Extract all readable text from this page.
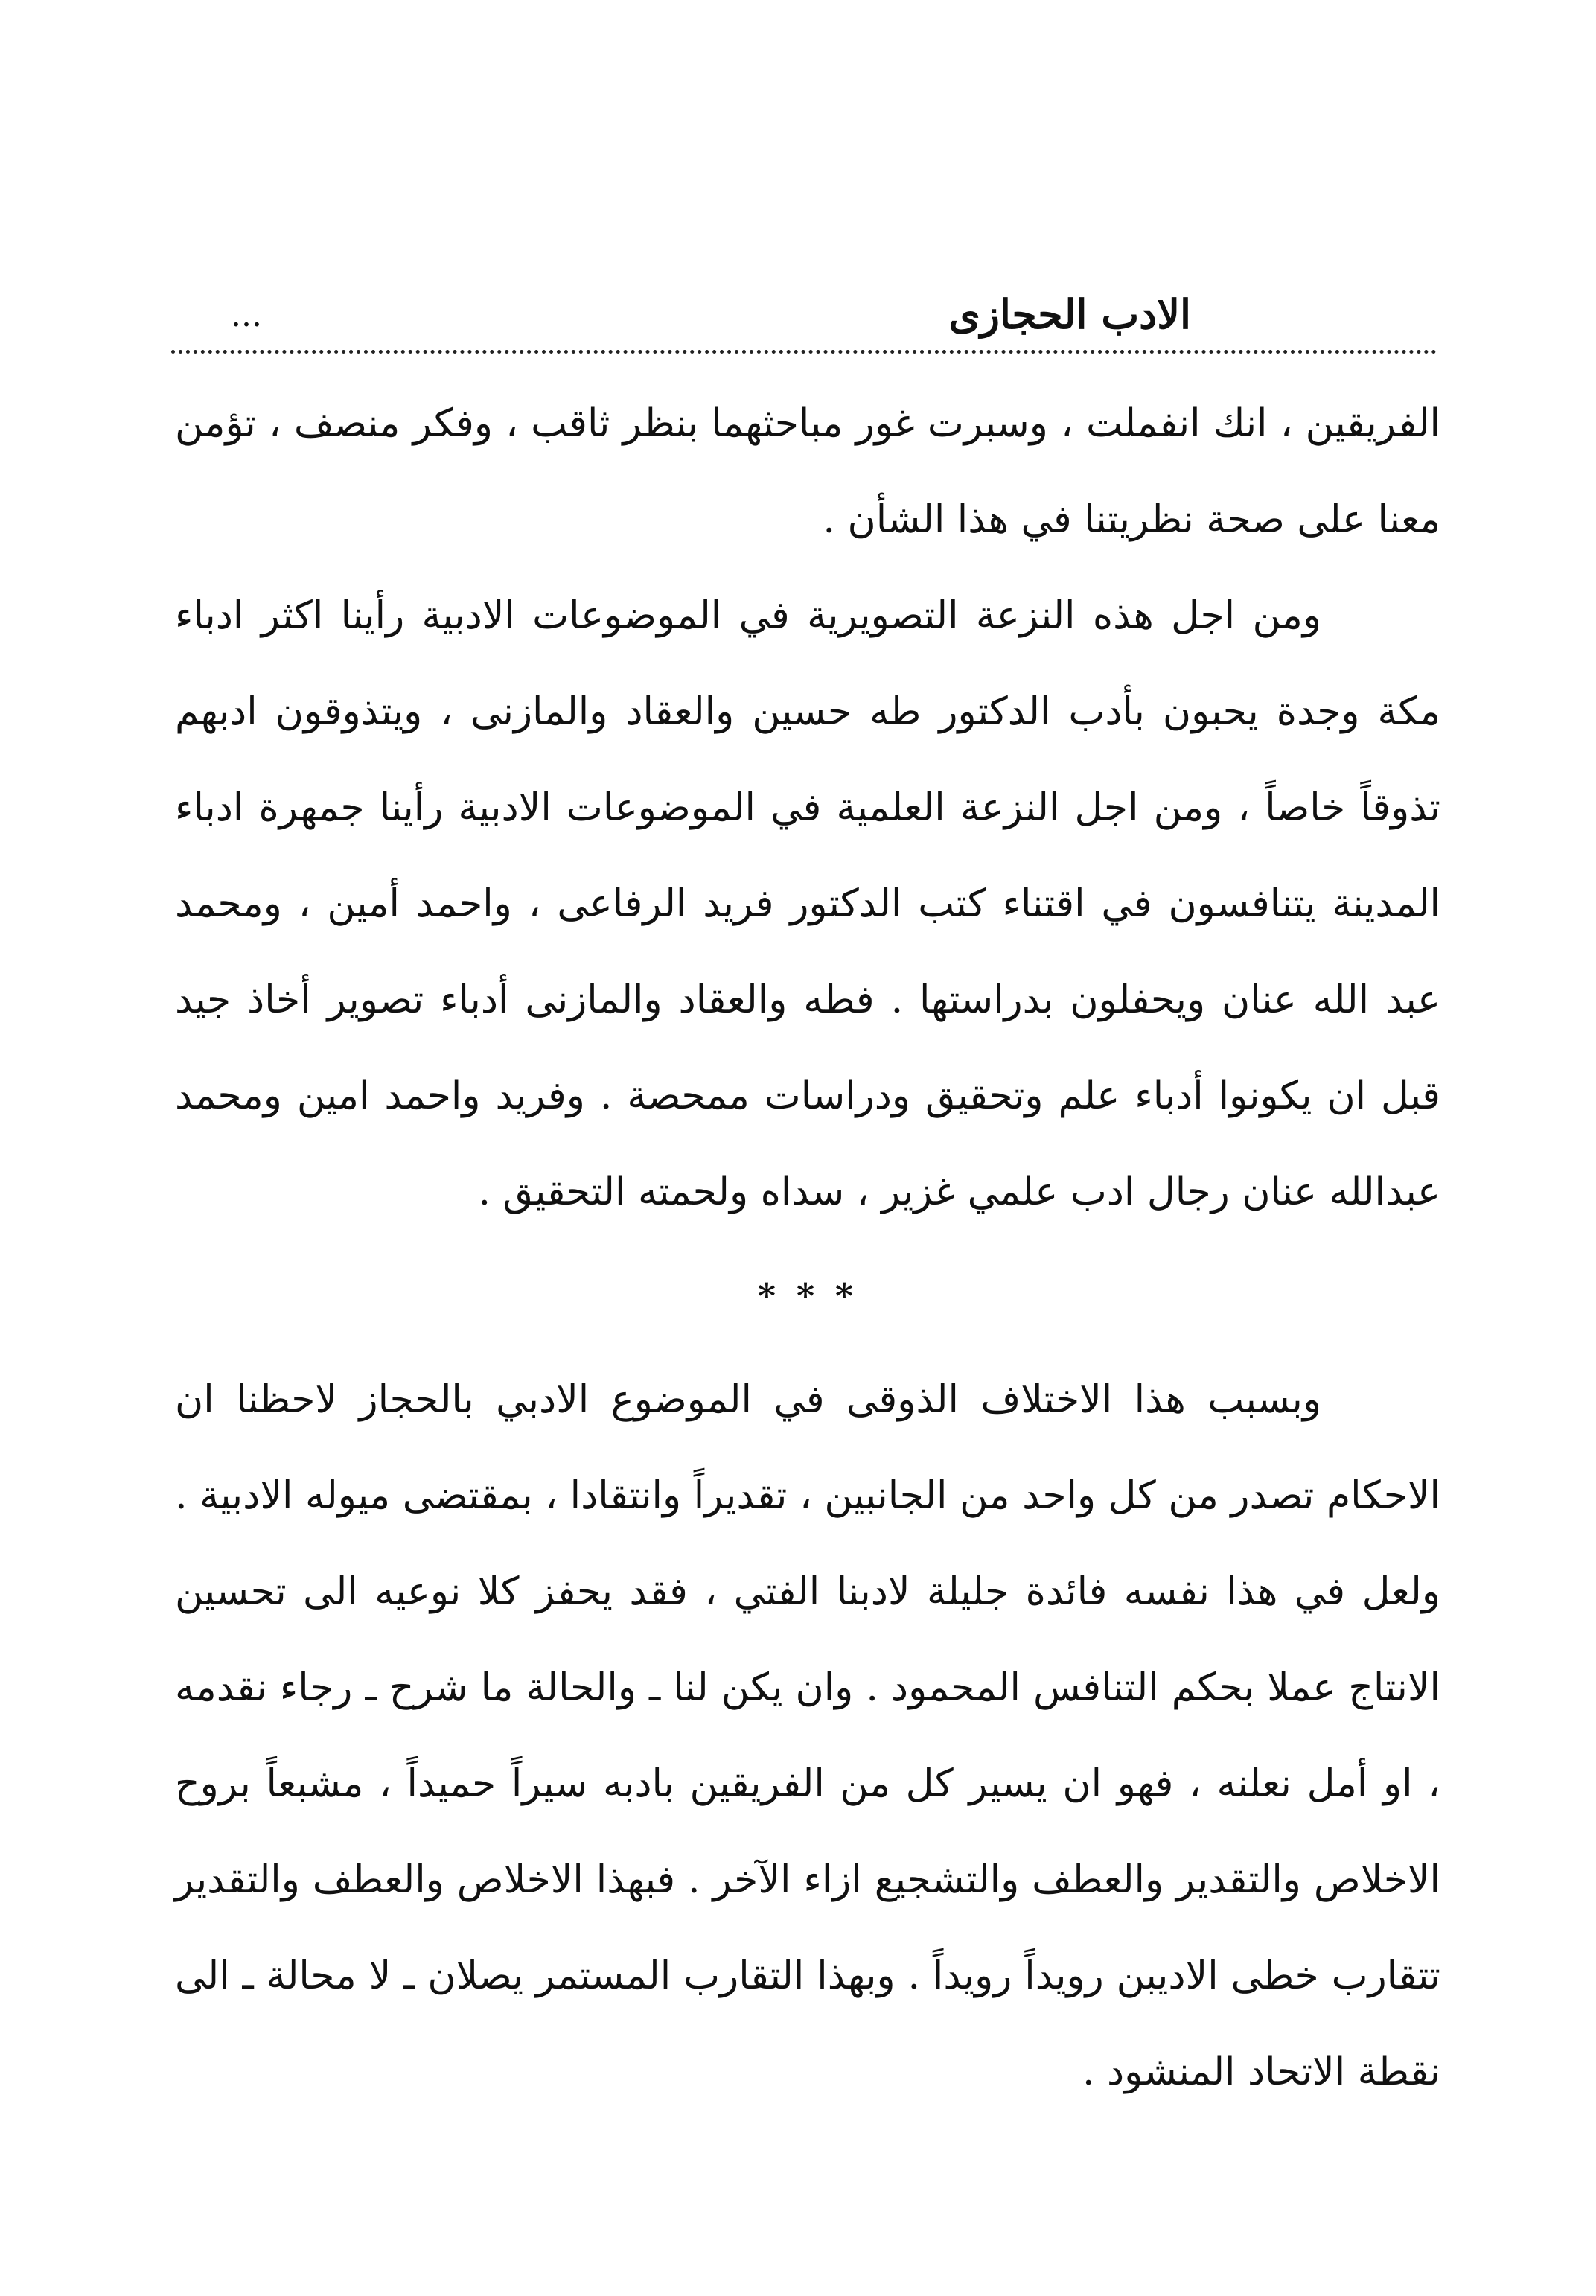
الادب الحجازى
...

الفريقين ، انك انفملت ، وسبرت غور مباحثهما بنظر ثاقب ، وفكر منصف ، تؤمن معنا على صحة نظريتنا في هذا الشأن .

ومن اجل هذه النزعة التصويرية في الموضوعات الادبية رأينا اكثر ادباء مكة وجدة يحبون بأدب الدكتور طه حسين والعقاد والمازنى ، ويتذوقون ادبهم تذوقاً خاصاً ، ومن اجل النزعة العلمية في الموضوعات الادبية رأينا جمهرة ادباء المدينة يتنافسون في اقتناء كتب الدكتور فريد الرفاعى ، واحمد أمين ، ومحمد عبد الله عنان ويحفلون بدراستها . فطه والعقاد والمازنى أدباء تصوير أخاذ جيد قبل ان يكونوا أدباء علم وتحقيق ودراسات ممحصة . وفريد واحمد امين ومحمد عبدالله عنان رجال ادب علمي غزير ، سداه ولحمته التحقيق .

* * *

وبسبب هذا الاختلاف الذوقى في الموضوع الادبي بالحجاز لاحظنا ان الاحكام تصدر من كل واحد من الجانبين ، تقديراً وانتقادا ، بمقتضى ميوله الادبية . ولعل في هذا نفسه فائدة جليلة لادبنا الفتي ، فقد يحفز كلا نوعيه الى تحسين الانتاج عملا بحكم التنافس المحمود . وان يكن لنا ـ والحالة ما شرح ـ رجاء نقدمه ، او أمل نعلنه ، فهو ان يسير كل من الفريقين بادبه سيراً حميداً ، مشبعاً بروح الاخلاص والتقدير والعطف والتشجيع ازاء الآخر . فبهذا الاخلاص والعطف والتقدير تتقارب خطى الاديبن رويداً رويداً . وبهذا التقارب المستمر يصلان ـ لا محالة ـ الى نقطة الاتحاد المنشود .
